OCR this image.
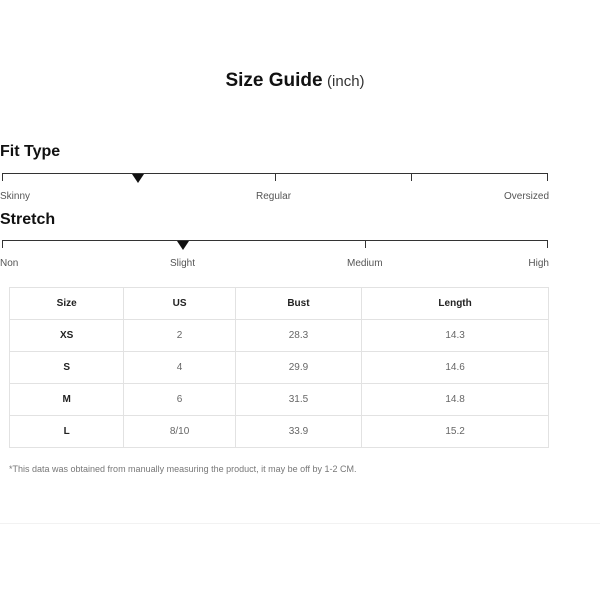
Size Guide (inch)
Fit Type
Skinny	Regular	Oversized
Stretch
Non	Slight	Medium	High
Size	US	Bust	Length
XS	2	28.3	14.3
S	4	29.9	14.6
M	6	31.5	14.8
L	8/10	33.9	15.2
*This data was obtained from manually measuring the product, it may be off by 1-2 CM.
